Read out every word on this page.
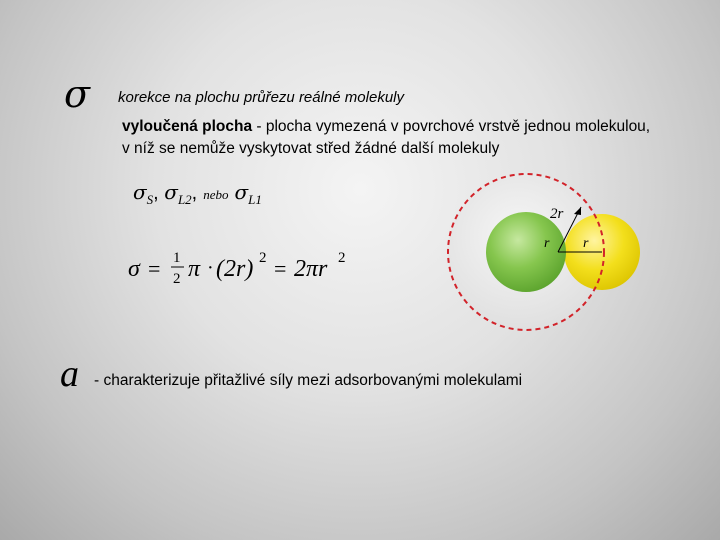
σ korekce na plochu průřezu reálné molekuly
vyloučená plocha - plocha vymezená v povrchové vrstvě jednou molekulou, v níž se nemůže vyskytovat střed žádné další molekuly
$\sigma_S$, $\sigma_{L2}$, nebo $\sigma_{L1}$
σ = 1
2 π · (2r) 2 = 2πr 2
2r
r r
a - charakterizuje přitažlivé síly mezi adsorbovanými molekulami
